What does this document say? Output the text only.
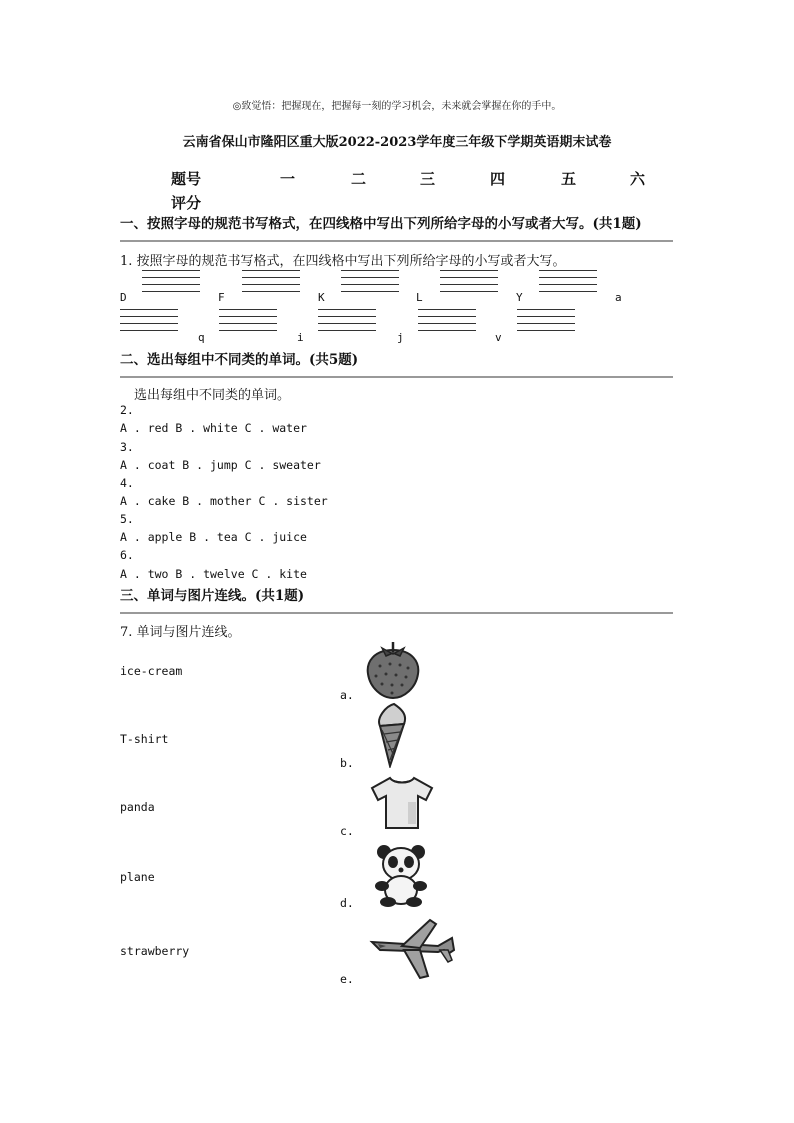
◎致觉悟：把握现在，把握每一刻的学习机会，未来就会掌握在你的手中。
云南省保山市隆阳区重大版2022-2023学年度三年级下学期英语期末试卷
题号	一	二	三	四	五	六
评分
一、按照字母的规范书写格式，在四线格中写出下列所给字母的小写或者大写。(共1题)
1. 按照字母的规范书写格式，在四线格中写出下列所给字母的小写或者大写。
D	F	K	L	Y	a
q	i	j	v
二、选出每组中不同类的单词。(共5题)
选出每组中不同类的单词。
2.
A . red B . white C . water
3.
A . coat B . jump C . sweater
4.
A . cake B . mother C . sister
5.
A . apple B . tea C . juice
6.
A . two B . twelve C . kite
三、单词与图片连线。(共1题)
7. 单词与图片连线。
ice-cream
T-shirt
panda
plane
strawberry
a.
b.
c.
d.
e.
